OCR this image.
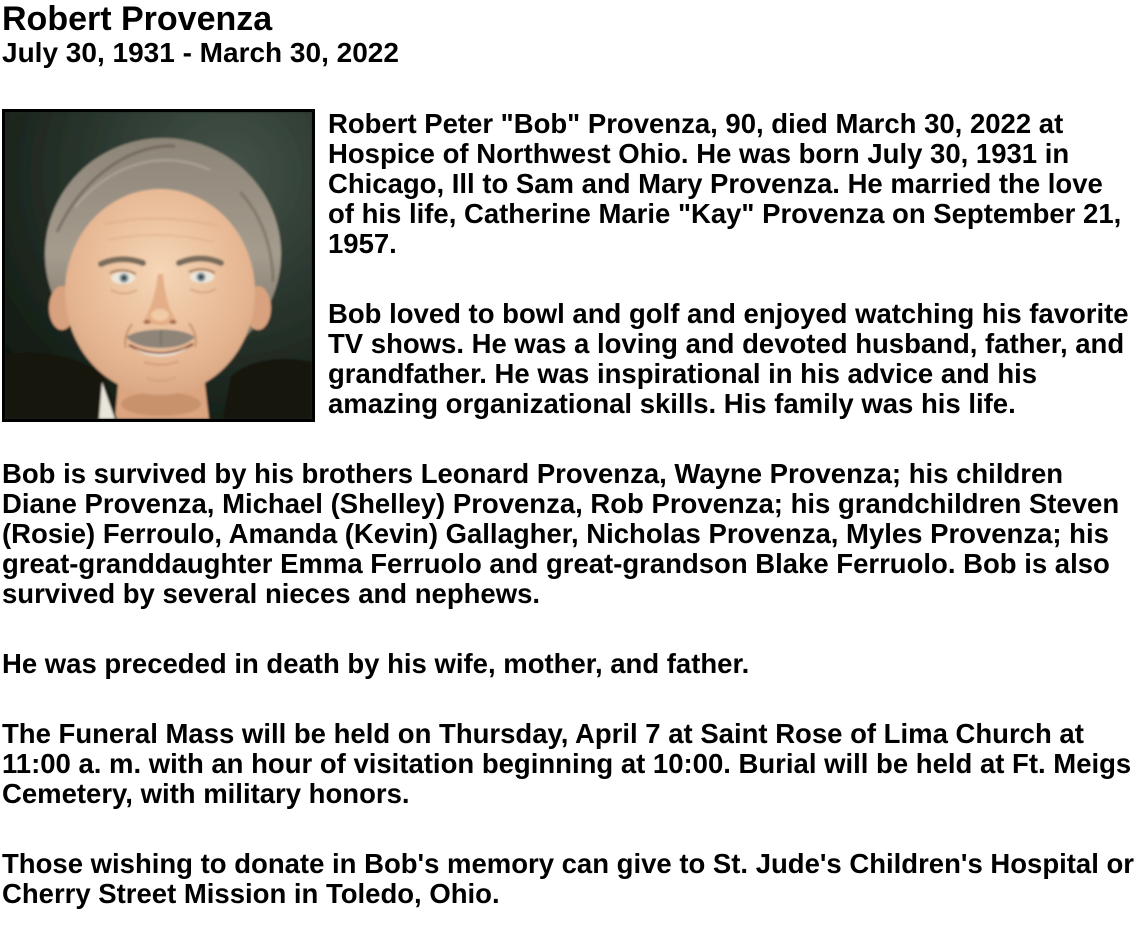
Robert Provenza
July 30, 1931 - March 30, 2022

Robert Peter "Bob" Provenza, 90, died March 30, 2022 at Hospice of Northwest Ohio. He was born July 30, 1931 in Chicago, Ill to Sam and Mary Provenza. He married the love of his life, Catherine Marie "Kay" Provenza on September 21, 1957.

Bob loved to bowl and golf and enjoyed watching his favorite TV shows. He was a loving and devoted husband, father, and grandfather. He was inspirational in his advice and his amazing organizational skills. His family was his life.

Bob is survived by his brothers Leonard Provenza, Wayne Provenza; his children Diane Provenza, Michael (Shelley) Provenza, Rob Provenza; his grandchildren Steven (Rosie) Ferroulo, Amanda (Kevin) Gallagher, Nicholas Provenza, Myles Provenza; his great-granddaughter Emma Ferruolo and great-grandson Blake Ferruolo. Bob is also survived by several nieces and nephews.

He was preceded in death by his wife, mother, and father.

The Funeral Mass will be held on Thursday, April 7 at Saint Rose of Lima Church at 11:00 a. m. with an hour of visitation beginning at 10:00. Burial will be held at Ft. Meigs Cemetery, with military honors.

Those wishing to donate in Bob's memory can give to St. Jude's Children's Hospital or Cherry Street Mission in Toledo, Ohio.
